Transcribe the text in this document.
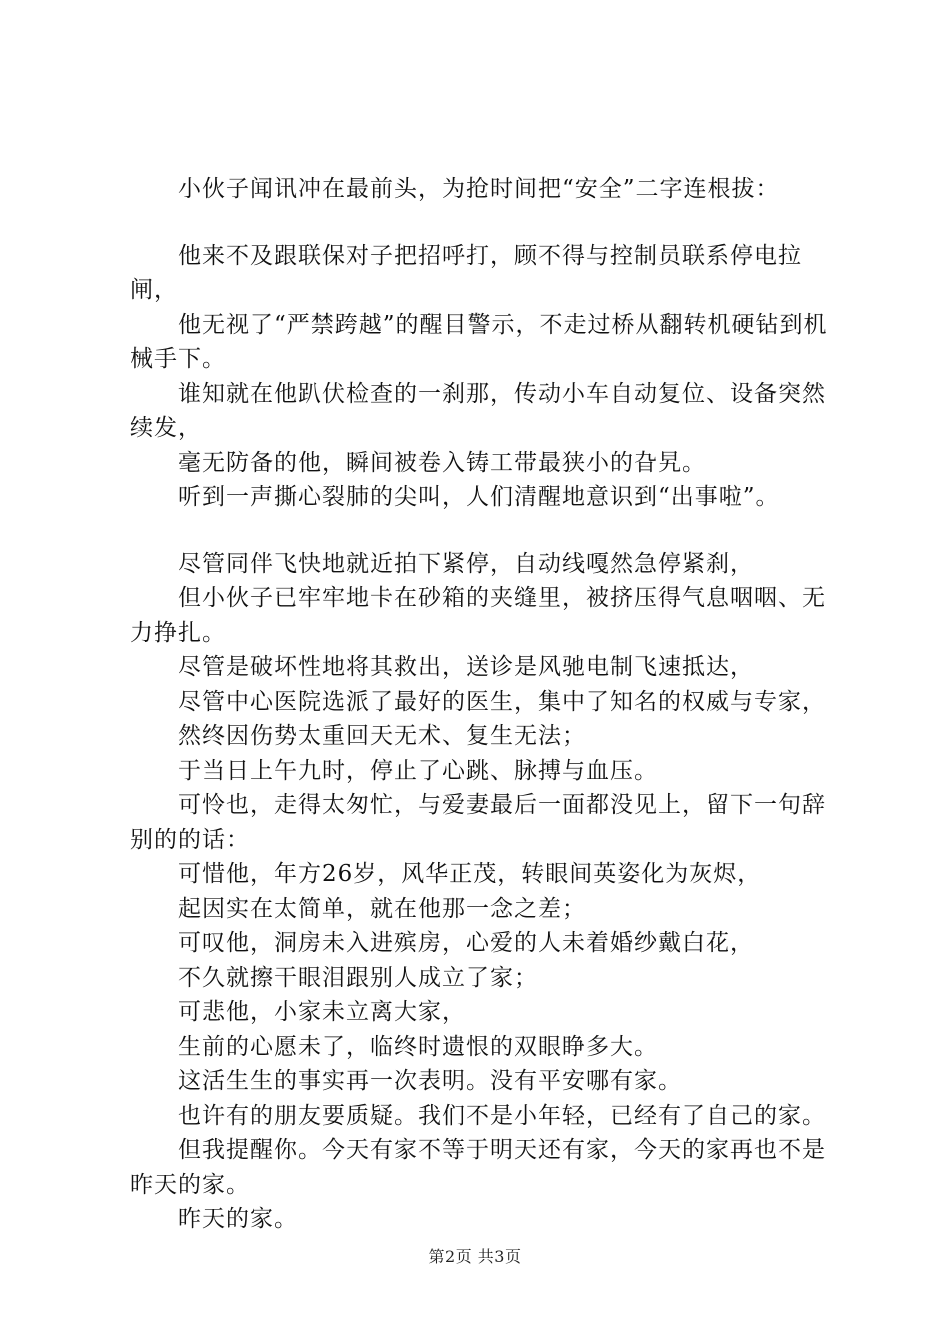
小伙子闻讯冲在最前头，为抢时间把“安全”二字连根拔：

他来不及跟联保对子把招呼打，顾不得与控制员联系停电拉闸，

他无视了“严禁跨越”的醒目警示，不走过桥从翻转机硬钻到机械手下。

谁知就在他趴伏检查的一刹那，传动小车自动复位、设备突然续发，

毫无防备的他，瞬间被卷入铸工带最狭小的旮旯。

听到一声撕心裂肺的尖叫，人们清醒地意识到“出事啦”。

尽管同伴飞快地就近拍下紧停，自动线嘎然急停紧刹，

但小伙子已牢牢地卡在砂箱的夹缝里，被挤压得气息咽咽、无力挣扎。

尽管是破坏性地将其救出，送诊是风驰电制飞速抵达，

尽管中心医院选派了最好的医生，集中了知名的权威与专家，

然终因伤势太重回天无术、复生无法；

于当日上午九时，停止了心跳、脉搏与血压。

可怜也，走得太匆忙，与爱妻最后一面都没见上，留下一句辞别的的话：

可惜他，年方26岁，风华正茂，转眼间英姿化为灰烬，

起因实在太简单，就在他那一念之差；

可叹他，洞房未入进殡房，心爱的人未着婚纱戴白花，

不久就擦干眼泪跟别人成立了家；

可悲他，小家未立离大家，

生前的心愿未了，临终时遗恨的双眼睁多大。

这活生生的事实再一次表明。没有平安哪有家。

也许有的朋友要质疑。我们不是小年轻，已经有了自己的家。

但我提醒你。今天有家不等于明天还有家，今天的家再也不是昨天的家。

昨天的家。

第2页 共3页
